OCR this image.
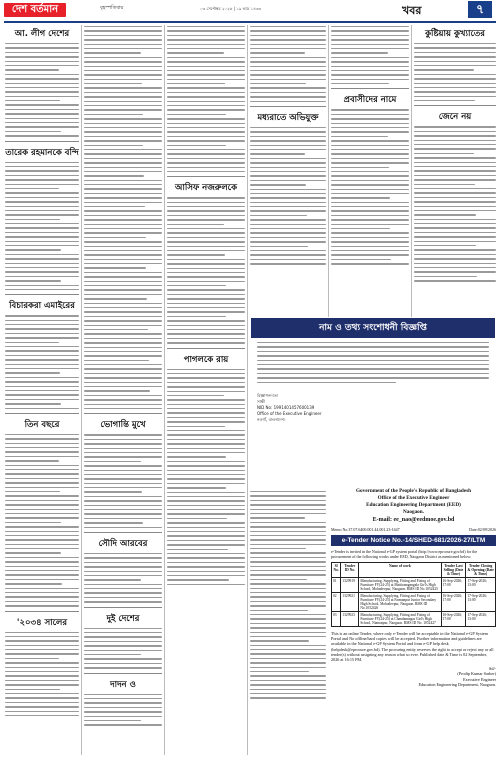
দেশ বর্তমান	বৃহস্পতিবার	০৩ সেপ্টেম্বর ২০২৬ | ১৯ ভাদ্র ১৪৩৩	খবর	৭
আ. লীগ দেশের
তারেক রহমানকে বন্দি
বিচারকরা এমাইরের
তিন বছরে
'২০৩৪ সালের
ভোগান্তি মুখে
সৌদি আরবের
দুই দেশের
দাদন ও
আসিফ নজরুলকে
পাগলকে রায়
মধ্যরাতে অভিযুক্ত
প্রবাসীদের নামে
কুষ্টিয়ায় কুখ্যাতের
জেনে নয়
নাম ও তথ্য সংশোধনী বিজ্ঞপ্তি
বিজ্ঞাপনদাতা
সাক্ষী
NID No: 1991401457600139
Office of the Executive Engineer
নওগাঁ, বাংলাদেশ।
Government of the People's Republic of Bangladesh
Office of the Executive Engineer
Education Engineering Department (EED)
Naogaon.
E-mail: ee_nao@eedmoe.gov.bd
Memo No.37.07.6400.001.44.001.23-1647	Date:02/09/2026
e-Tender Notice No.-14/SHED-681/2026-27/LTM
e-Tender is invited in the National e-GP system portal (http://www.eprocure.gov.bd) for the procurement of the following works under EED, Naogaon District as mentioned below:
Sl No.	Tender ID No.	Name of work	Tender Last Selling (Date & Time)	Tender Closing & Opening (Date & Time)
01	1329919	Manufacturing, Supplying, Fitting and Fixing of Furniture FY(24-25) at Mattiramgangala Girl's High School, Mohadevpur, Naogaon. RMS ID No.1052425	16-Sep-2026; 17:00	17-Sep-2026; 13:00
02	1329921	Manufacturing, Supplying, Fitting and Fixing of Furniture FY(24-25) at Farmanpur Junior Secondary High School, Mohadevpur, Naogaon. RMS ID No.1052426	16-Sep-2026; 17:00	17-Sep-2026; 13:00
03	1329923	Manufacturing, Supplying, Fitting and Fixing of Furniture FY(24-25) at Chandannagar Girl's High School, Niamatpur, Naogaon. RMS ID No. 1052427	16-Sep-2026; 17:00	17-Sep-2026; 13:00
This is an online Tender, where only e-Tender will be acceptable in the National e-GP System Portal and No offline/hard copies will be accepted. Further information and guidelines are available in the National e-GP System Portal and from e-GP help desk (helpdesk@eprocure.gov.bd). The procuring entity reserves the right to accept or reject any or all tender(s) without assigning any reason what so ever. Published date & Time is 02 September, 2026 at 16:15 PM.
Sd/-
(Prodip Kumar Sarker)
Executive Engineer
Education Engineering Department, Naogaon.
